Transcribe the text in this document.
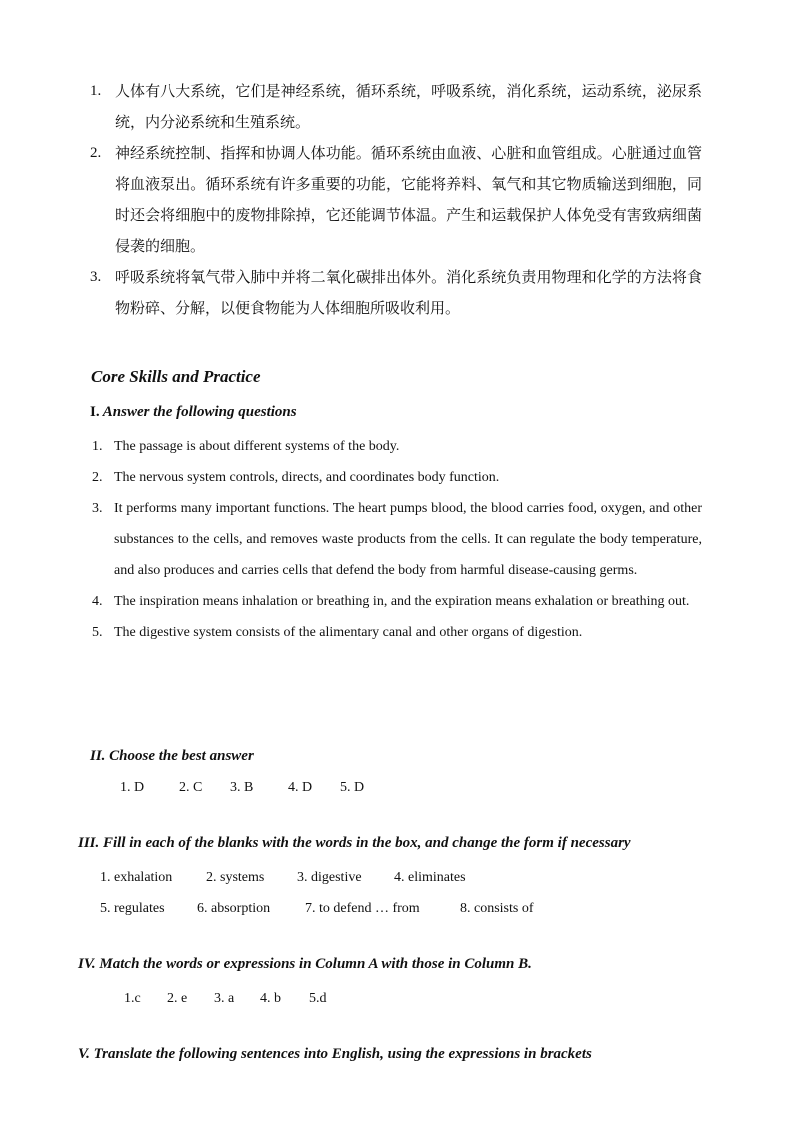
1. 人体有八大系统，它们是神经系统，循环系统，呼吸系统，消化系统，运动系统，泌尿系统，内分泌系统和生殖系统。

2. 神经系统控制、指挥和协调人体功能。循环系统由血液、心脏和血管组成。心脏通过血管将血液泵出。循环系统有许多重要的功能，它能将养料、氧气和其它物质输送到细胞，同时还会将细胞中的废物排除掉，它还能调节体温。产生和运载保护人体免受有害致病细菌侵袭的细胞。

3. 呼吸系统将氧气带入肺中并将二氧化碳排出体外。消化系统负责用物理和化学的方法将食物粉碎、分解，以便食物能为人体细胞所吸收利用。

Core Skills and Practice
I. Answer the following questions
1. The passage is about different systems of the body.
2. The nervous system controls, directs, and coordinates body function.
3. It performs many important functions. The heart pumps blood, the blood carries food, oxygen, and other substances to the cells, and removes waste products from the cells. It can regulate the body temperature, and also produces and carries cells that defend the body from harmful disease-causing germs.
4. The inspiration means inhalation or breathing in, and the expiration means exhalation or breathing out.
5. The digestive system consists of the alimentary canal and other organs of digestion.
II. Choose the best answer
1. D	2. C	3. B	4. D	5. D
III. Fill in each of the blanks with the words in the box, and change the form if necessary
1. exhalation	2. systems	3. digestive	4. eliminates
5. regulates	6. absorption	7. to defend … from	8. consists of
IV. Match the words or expressions in Column A with those in Column B.
1.c	2. e	3. a	4. b	5.d
V. Translate the following sentences into English, using the expressions in brackets
